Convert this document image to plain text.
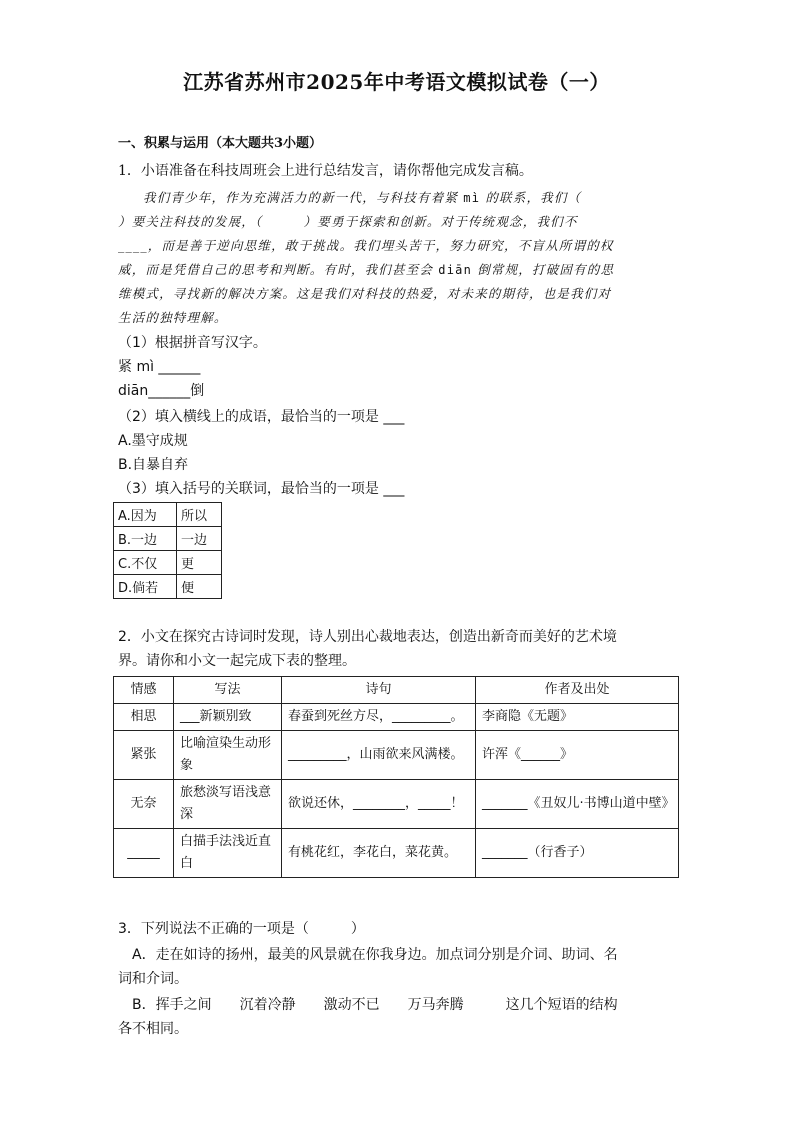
江苏省苏州市2025年中考语文模拟试卷（一）
一、积累与运用（本大题共3小题）
1．小语准备在科技周班会上进行总结发言，请你帮他完成发言稿。

我们青少年，作为充满活力的新一代，与科技有着紧 mì 的联系，我们（

）要关注科技的发展，（　　　）要勇于探索和创新。对于传统观念，我们不

____，而是善于逆向思维，敢于挑战。我们埋头苦干，努力研究，不盲从所谓的权

威，而是凭借自己的思考和判断。有时，我们甚至会 diān 倒常规，打破固有的思

维模式，寻找新的解决方案。这是我们对科技的热爱，对未来的期待，也是我们对

生活的独特理解。

（1）根据拼音写汉字。
紧 mì ______
diān______倒
（2）填入横线上的成语，最恰当的一项是 ___
A.墨守成规
B.自暴自弃
（3）填入括号的关联词，最恰当的一项是 ___
A.因为	所以
B.一边	一边
C.不仅	更
D.倘若	便
2．小文在探究古诗词时发现，诗人别出心裁地表达，创造出新奇而美好的艺术境
界。请你和小文一起完成下表的整理。
情感	写法	诗句	作者及出处
相思	___新颖别致	春蚕到死丝方尽，_________。	李商隐《无题》
紧张	比喻渲染生动形象	_________，山雨欲来风满楼。	许浑《______》
无奈	旅愁淡写语浅意深	欲说还休，________，_____！	_______《丑奴儿·书博山道中壁》
_____	白描手法浅近直白	有桃花红，李花白，菜花黄。	_______（行香子）
3．下列说法不正确的一项是（　　　）
A．走在如诗的扬州，最美的风景就在你我身边。加点词分别是介词、助词、名
词和介词。
B．挥手之间　　沉着冷静　　激动不已　　万马奔腾　　　这几个短语的结构
各不相同。
